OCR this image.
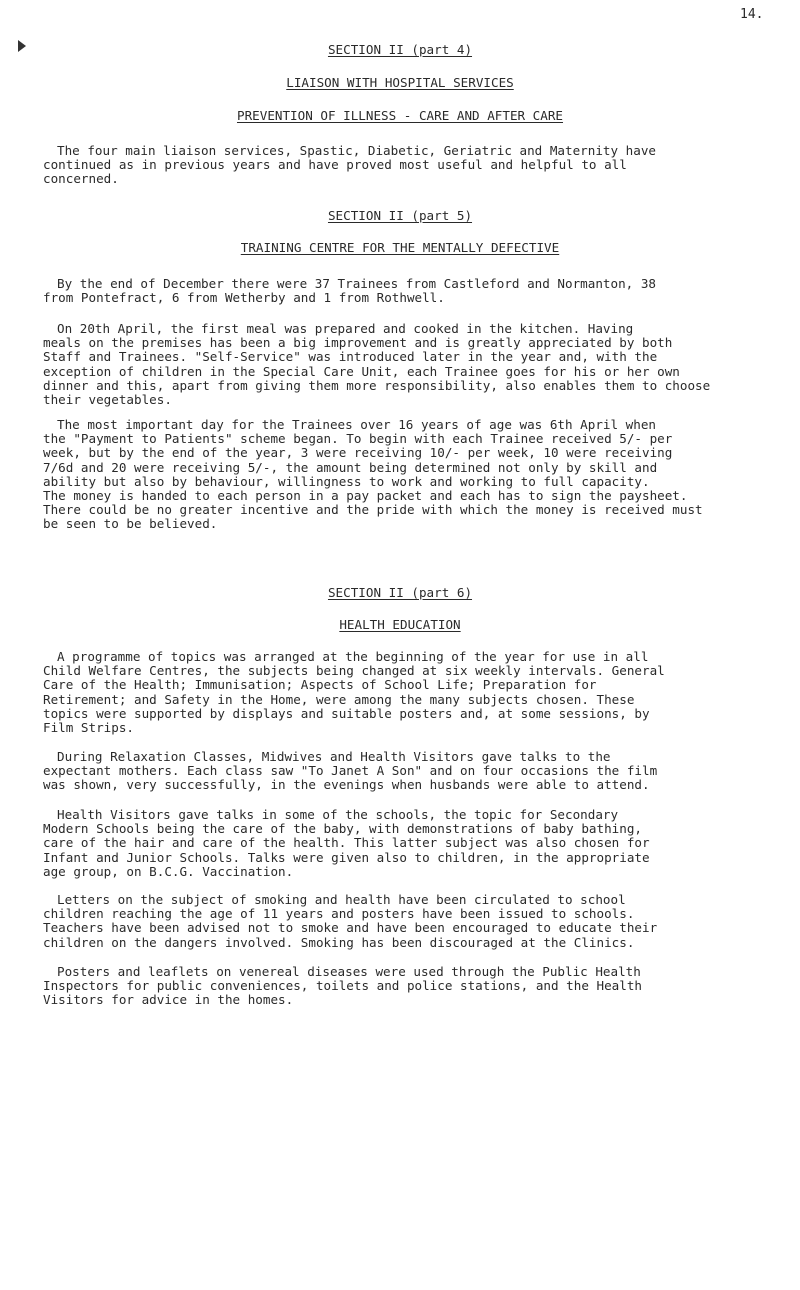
14.
SECTION II (part 4)
LIAISON WITH HOSPITAL SERVICES
PREVENTION OF ILLNESS - CARE AND AFTER CARE
The four main liaison services, Spastic, Diabetic, Geriatric and Maternity have
continued as in previous years and have proved most useful and helpful to all
concerned.
SECTION II (part 5)
TRAINING CENTRE FOR THE MENTALLY DEFECTIVE
By the end of December there were 37 Trainees from Castleford and Normanton, 38
from Pontefract, 6 from Wetherby and 1 from Rothwell.
On 20th April, the first meal was prepared and cooked in the kitchen. Having
meals on the premises has been a big improvement and is greatly appreciated by both
Staff and Trainees. "Self-Service" was introduced later in the year and, with the
exception of children in the Special Care Unit, each Trainee goes for his or her own
dinner and this, apart from giving them more responsibility, also enables them to choose
their vegetables.
The most important day for the Trainees over 16 years of age was 6th April when
the "Payment to Patients" scheme began. To begin with each Trainee received 5/- per
week, but by the end of the year, 3 were receiving 10/- per week, 10 were receiving
7/6d and 20 were receiving 5/-, the amount being determined not only by skill and
ability but also by behaviour, willingness to work and working to full capacity.
The money is handed to each person in a pay packet and each has to sign the paysheet.
There could be no greater incentive and the pride with which the money is received must
be seen to be believed.
SECTION II (part 6)
HEALTH EDUCATION
A programme of topics was arranged at the beginning of the year for use in all
Child Welfare Centres, the subjects being changed at six weekly intervals. General
Care of the Health; Immunisation; Aspects of School Life; Preparation for
Retirement; and Safety in the Home, were among the many subjects chosen. These
topics were supported by displays and suitable posters and, at some sessions, by
Film Strips.
During Relaxation Classes, Midwives and Health Visitors gave talks to the
expectant mothers. Each class saw "To Janet A Son" and on four occasions the film
was shown, very successfully, in the evenings when husbands were able to attend.
Health Visitors gave talks in some of the schools, the topic for Secondary
Modern Schools being the care of the baby, with demonstrations of baby bathing,
care of the hair and care of the health. This latter subject was also chosen for
Infant and Junior Schools. Talks were given also to children, in the appropriate
age group, on B.C.G. Vaccination.
Letters on the subject of smoking and health have been circulated to school
children reaching the age of 11 years and posters have been issued to schools.
Teachers have been advised not to smoke and have been encouraged to educate their
children on the dangers involved. Smoking has been discouraged at the Clinics.
Posters and leaflets on venereal diseases were used through the Public Health
Inspectors for public conveniences, toilets and police stations, and the Health
Visitors for advice in the homes.
